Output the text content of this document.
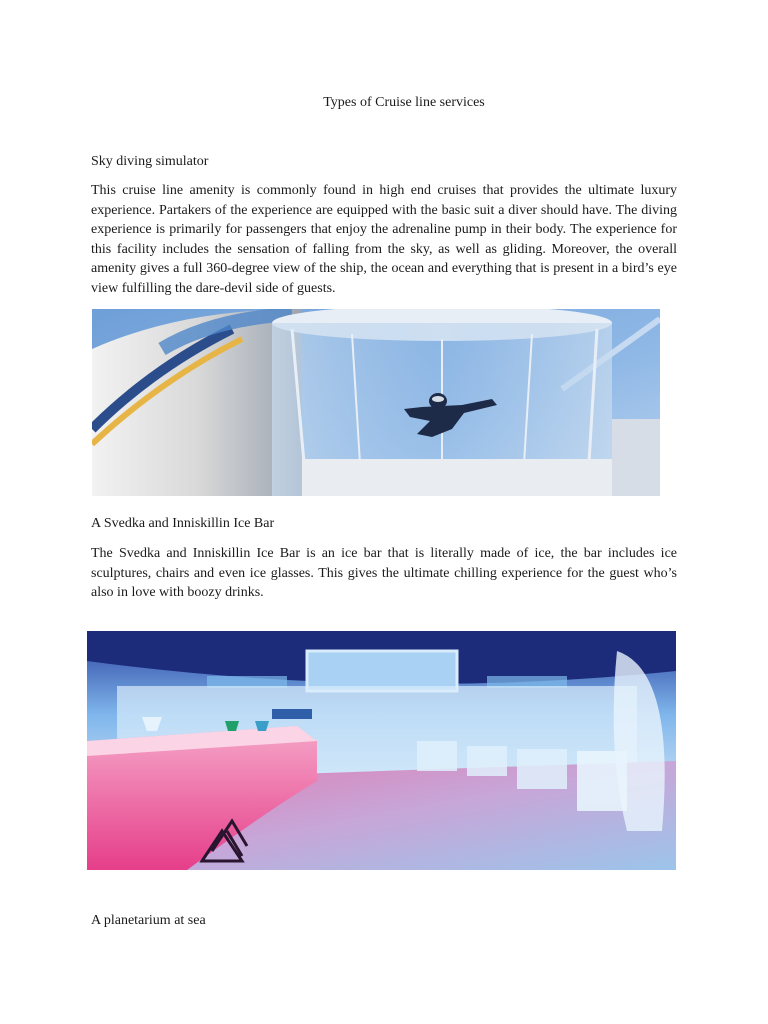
Types of Cruise line services
Sky diving simulator
This cruise line amenity is commonly found in high end cruises that provides the ultimate luxury experience. Partakers of the experience are equipped with the basic suit a diver should have. The diving experience is primarily for passengers that enjoy the adrenaline pump in their body. The experience for this facility includes the sensation of falling from the sky, as well as gliding. Moreover, the overall amenity gives a full 360-degree view of the ship, the ocean and everything that is present in a bird’s eye view fulfilling the dare-devil side of guests.
A Svedka and Inniskillin Ice Bar
The Svedka and Inniskillin Ice Bar is an ice bar that is literally made of ice, the bar includes ice sculptures, chairs and even ice glasses. This gives the ultimate chilling experience for the guest who’s also in love with boozy drinks.
A planetarium at sea
